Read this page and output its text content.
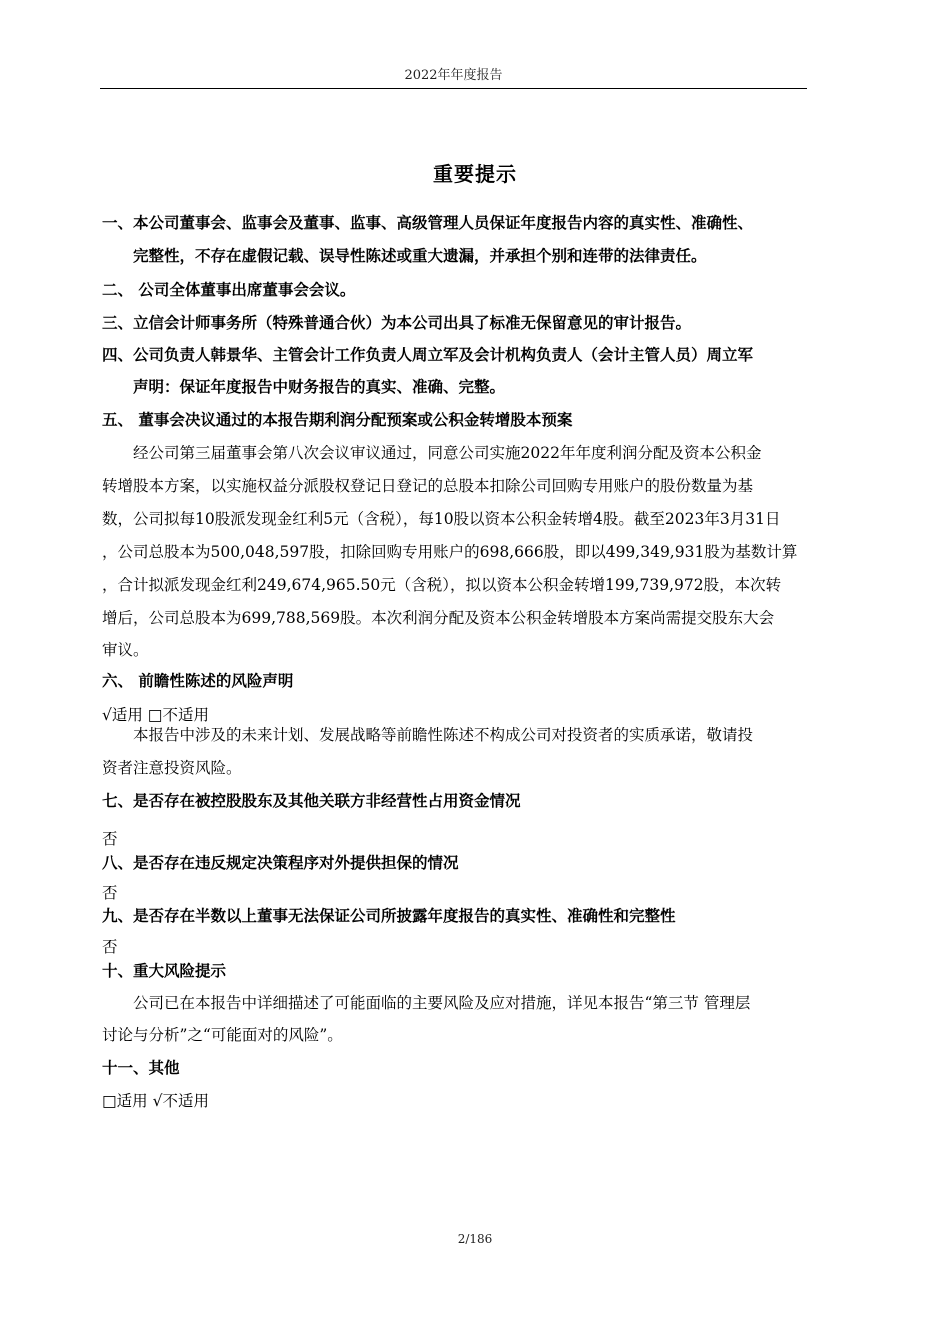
2022年年度报告
重要提示
一、本公司董事会、监事会及董事、监事、高级管理人员保证年度报告内容的真实性、准确性、
完整性，不存在虚假记载、误导性陈述或重大遗漏，并承担个别和连带的法律责任。
二、 公司全体董事出席董事会会议。
三、立信会计师事务所（特殊普通合伙）为本公司出具了标准无保留意见的审计报告。
四、公司负责人韩景华、主管会计工作负责人周立军及会计机构负责人（会计主管人员）周立军
声明：保证年度报告中财务报告的真实、准确、完整。
五、 董事会决议通过的本报告期利润分配预案或公积金转增股本预案
经公司第三届董事会第八次会议审议通过，同意公司实施2022年年度利润分配及资本公积金
转增股本方案，以实施权益分派股权登记日登记的总股本扣除公司回购专用账户的股份数量为基
数，公司拟每10股派发现金红利5元（含税），每10股以资本公积金转增4股。截至2023年3月31日
，公司总股本为500,048,597股，扣除回购专用账户的698,666股，即以499,349,931股为基数计算
，合计拟派发现金红利249,674,965.50元（含税），拟以资本公积金转增199,739,972股，本次转
增后，公司总股本为699,788,569股。本次利润分配及资本公积金转增股本方案尚需提交股东大会
审议。
六、 前瞻性陈述的风险声明
√适用 □不适用
本报告中涉及的未来计划、发展战略等前瞻性陈述不构成公司对投资者的实质承诺，敬请投
资者注意投资风险。
七、是否存在被控股股东及其他关联方非经营性占用资金情况
否
八、是否存在违反规定决策程序对外提供担保的情况
否
九、是否存在半数以上董事无法保证公司所披露年度报告的真实性、准确性和完整性
否
十、重大风险提示
公司已在本报告中详细描述了可能面临的主要风险及应对措施，详见本报告“第三节 管理层
讨论与分析”之“可能面对的风险”。
十一、其他
□适用 √不适用
2/186
